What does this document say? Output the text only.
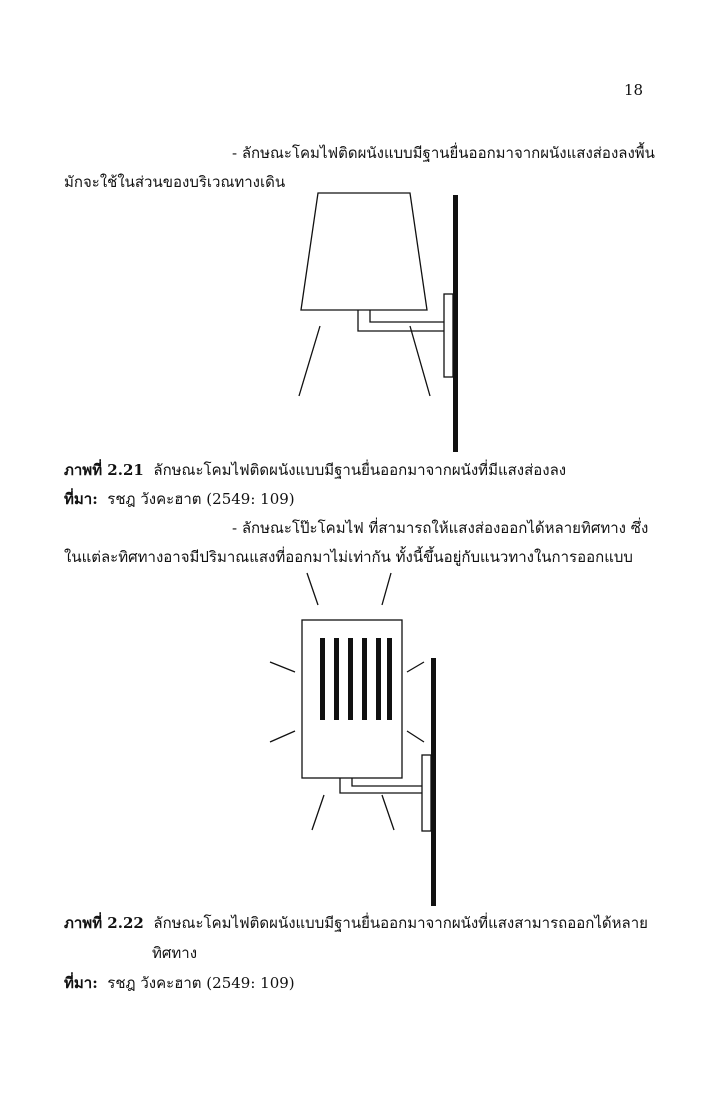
18
- ลักษณะโคมไฟติดผนังแบบมีฐานยื่นออกมาจากผนังแสงส่องลงพื้น
มักจะใช้ในส่วนของบริเวณทางเดิน
ภาพที่ 2.21 ลักษณะโคมไฟติดผนังแบบมีฐานยื่นออกมาจากผนังที่มีแสงส่องลง
ที่มา: รชฎ วังคะฮาต (2549: 109)
- ลักษณะโป๊ะโคมไฟ ที่สามารถให้แสงส่องออกได้หลายทิศทาง ซึ่ง
ในแต่ละทิศทางอาจมีปริมาณแสงที่ออกมาไม่เท่ากัน ทั้งนี้ขึ้นอยู่กับแนวทางในการออกแบบ
ภาพที่ 2.22 ลักษณะโคมไฟติดผนังแบบมีฐานยื่นออกมาจากผนังที่แสงสามารถออกได้หลาย
ทิศทาง
ที่มา: รชฎ วังคะฮาต (2549: 109)
